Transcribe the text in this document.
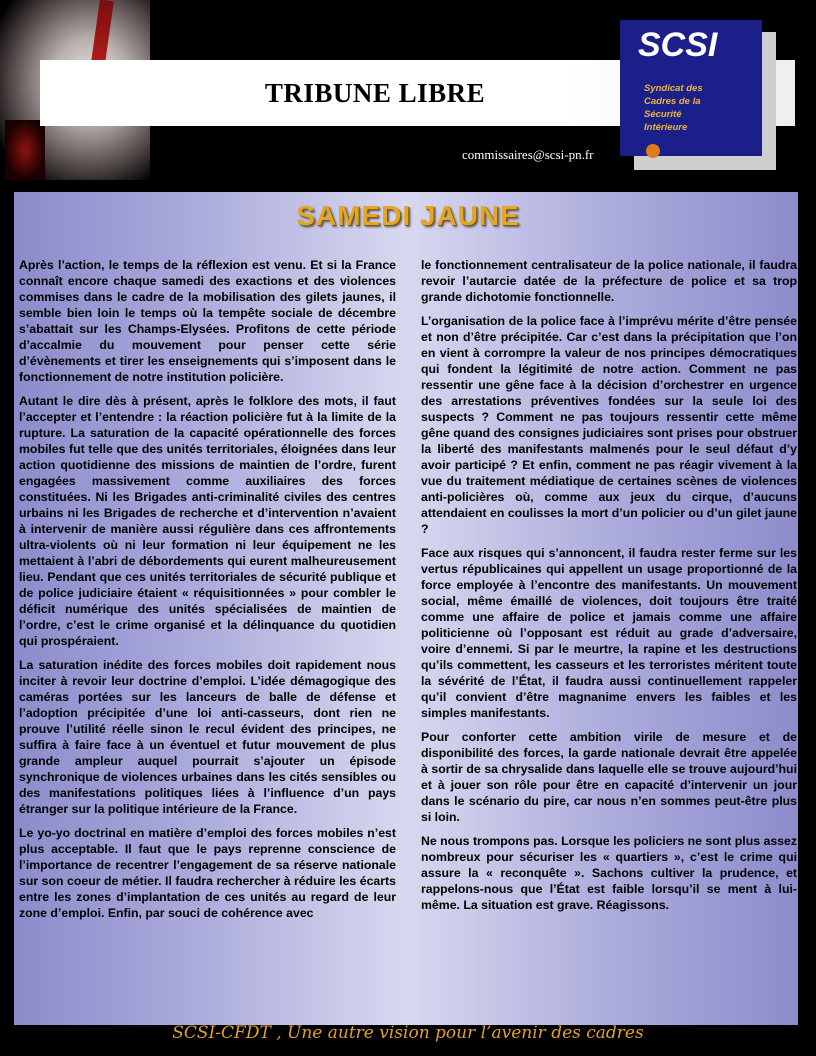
TRIBUNE LIBRE
SCSI
Syndicat des
Cadres de la
Sécurité
Intérieure
commissaires@scsi-pn.fr
SAMEDI JAUNE

Après l’action, le temps de la réflexion est venu. Et si la France connaît encore chaque samedi des exactions et des violences commises dans le cadre de la mobilisation des gilets jaunes, il semble bien loin le temps où la tempête sociale de décembre s’abattait sur les Champs-Elysées. Profitons de cette période d’accalmie du mouvement pour penser cette série d’évènements et tirer les enseignements qui s’imposent dans le fonctionnement de notre institution policière.

Autant le dire dès à présent, après le folklore des mots, il faut l’accepter et l’entendre : la réaction policière fut à la limite de la rupture. La saturation de la capacité opérationnelle des forces mobiles fut telle que des unités territoriales, éloignées dans leur action quotidienne des missions de maintien de l’ordre, furent engagées massivement comme auxiliaires des forces constituées. Ni les Brigades anti-criminalité civiles des centres urbains ni les Brigades de recherche et d’intervention n’avaient à intervenir de manière aussi régulière dans ces affrontements ultra-violents où ni leur formation ni leur équipement ne les mettaient à l’abri de débordements qui eurent malheureusement lieu. Pendant que ces unités territoriales de sécurité publique et de police judiciaire étaient « réquisitionnées » pour combler le déficit numérique des unités spécialisées de maintien de l’ordre, c’est le crime organisé et la délinquance du quotidien qui prospéraient.

La saturation inédite des forces mobiles doit rapidement nous inciter à revoir leur doctrine d’emploi. L’idée démagogique des caméras portées sur les lanceurs de balle de défense et l’adoption précipitée d’une loi anti-casseurs, dont rien ne prouve l’utilité réelle sinon le recul évident des principes, ne suffira à faire face à un éventuel et futur mouvement de plus grande ampleur auquel pourrait s’ajouter un épisode synchronique de violences urbaines dans les cités sensibles ou des manifestations politiques liées à l’influence d’un pays étranger sur la politique intérieure de la France.

Le yo-yo doctrinal en matière d’emploi des forces mobiles n’est plus acceptable. Il faut que le pays reprenne conscience de l’importance de recentrer l’engagement de sa réserve nationale sur son coeur de métier. Il faudra rechercher à réduire les écarts entre les zones d’implantation de ces unités au regard de leur zone d’emploi. Enfin, par souci de cohérence avec

le fonctionnement centralisateur de la police nationale, il faudra revoir l’autarcie datée de la préfecture de police et sa trop grande dichotomie fonctionnelle.

L’organisation de la police face à l’imprévu mérite d’être pensée et non d’être précipitée. Car c’est dans la précipitation que l’on en vient à corrompre la valeur de nos principes démocratiques qui fondent la légitimité de notre action. Comment ne pas ressentir une gêne face à la décision d’orchestrer en urgence des arrestations préventives fondées sur la seule loi des suspects ? Comment ne pas toujours ressentir cette même gêne quand des consignes judiciaires sont prises pour obstruer la liberté des manifestants malmenés pour le seul défaut d’y avoir participé ? Et enfin, comment ne pas réagir vivement à la vue du traitement médiatique de certaines scènes de violences anti-policières où, comme aux jeux du cirque, d’aucuns attendaient en coulisses la mort d’un policier ou d’un gilet jaune ?

Face aux risques qui s’annoncent, il faudra rester ferme sur les vertus républicaines qui appellent un usage proportionné de la force employée à l’encontre des manifestants. Un mouvement social, même émaillé de violences, doit toujours être traité comme une affaire de police et jamais comme une affaire politicienne où l’opposant est réduit au grade d’adversaire, voire d’ennemi. Si par le meurtre, la rapine et les destructions qu’ils commettent, les casseurs et les terroristes méritent toute la sévérité de l’État, il faudra aussi continuellement rappeler qu’il convient d’être magnanime envers les faibles et les simples manifestants.

Pour conforter cette ambition virile de mesure et de disponibilité des forces, la garde nationale devrait être appelée à sortir de sa chrysalide dans laquelle elle se trouve aujourd’hui et à jouer son rôle pour être en capacité d’intervenir un jour dans le scénario du pire, car nous n’en sommes peut-être plus si loin.

Ne nous trompons pas. Lorsque les policiers ne sont plus assez nombreux pour sécuriser les « quartiers », c’est le crime qui assure la « reconquête ». Sachons cultiver la prudence, et rappelons-nous que l’État est faible lorsqu’il se ment à lui-même. La situation est grave. Réagissons.

SCSI-CFDT , Une autre vision pour l’avenir des cadres
